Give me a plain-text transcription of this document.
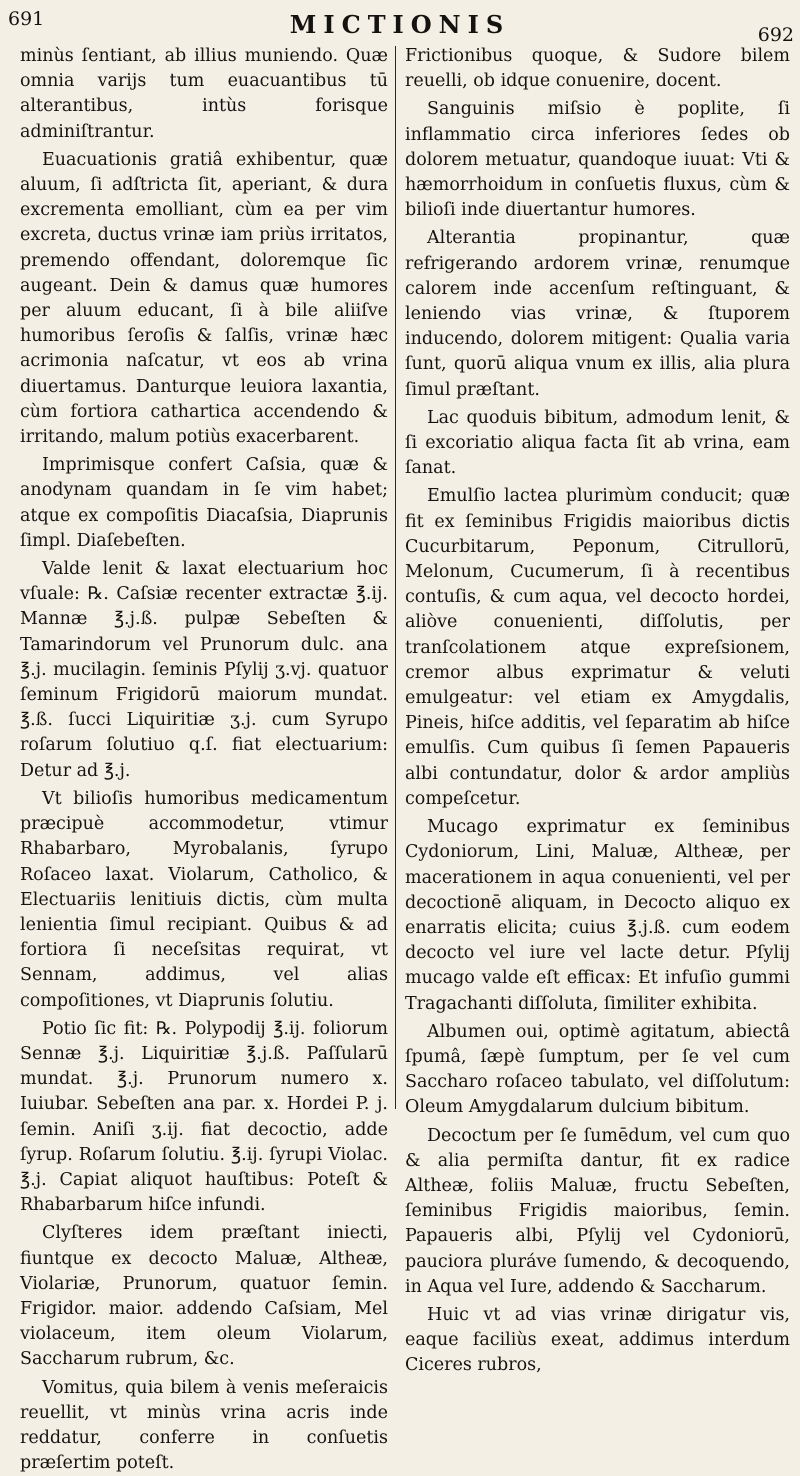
691	MICTIONIS	692

minùs ſentiant, ab illius muniendo. Quæ omnia varijs tum euacuantibus tū alterantibus, intùs forisque adminiſtrantur.

Euacuationis gratiâ exhibentur, quæ aluum, ſi adſtricta ſit, aperiant, & dura excrementa emolliant, cùm ea per vim excreta, ductus vrinæ iam priùs irritatos, premendo offendant, doloremque ſic augeant. Dein & damus quæ humores per aluum educant, ſi à bile aliiſve humoribus ſeroſis & ſalſis, vrinæ hæc acrimonia naſcatur, vt eos ab vrina diuertamus. Danturque leuiora laxantia, cùm fortiora cathartica accendendo & irritando, malum potiùs exacerbarent.

Imprimisque confert Caſsia, quæ & anodynam quandam in ſe vim habet; atque ex compoſitis Diacaſsia, Diaprunis ſimpl. Diaſebeſten.

Valde lenit & laxat electuarium hoc vſuale: ℞. Caſsiæ recenter extractæ ℥.ij. Mannæ ℥.j.ß. pulpæ Sebeſten & Tamarindorum vel Prunorum dulc. ana ℥.j. mucilagin. ſeminis Pſylij ʒ.vj. quatuor ſeminum Frigidorū maiorum mundat. ℥.ß. ſucci Liquiritiæ ʒ.j. cum Syrupo roſarum ſolutiuo q.ſ. fiat electuarium: Detur ad ℥.j.

Vt bilioſis humoribus medicamentum præcipuè accommodetur, vtimur Rhabarbaro, Myrobalanis, ſyrupo Roſaceo laxat. Violarum, Catholico, & Electuariis lenitiuis dictis, cùm multa lenientia ſimul recipiant. Quibus & ad fortiora ſi neceſsitas requirat, vt Sennam, addimus, vel alias compoſitiones, vt Diaprunis ſolutiu.

Potio ſic fit: ℞. Polypodij ℥.ij. foliorum Sennæ ℥.j. Liquiritiæ ℥.j.ß. Paſſularū mundat. ℥.j. Prunorum numero x. Iuiubar. Sebeſten ana par. x. Hordei P. j. ſemin. Aniſi ʒ.ij. fiat decoctio, adde ſyrup. Roſarum ſolutiu. ℥.ij. ſyrupi Violac. ℥.j. Capiat aliquot hauſtibus: Poteſt & Rhabarbarum hiſce infundi.

Clyſteres idem præſtant iniecti, fiuntque ex decocto Maluæ, Altheæ, Violariæ, Prunorum, quatuor ſemin. Frigidor. maior. addendo Caſsiam, Mel violaceum, item oleum Violarum, Saccharum rubrum, &c.

Vomitus, quia bilem à venis meſeraicis reuellit, vt minùs vrina acris inde reddatur, conferre in conſuetis præſertim poteſt.

Frictionibus quoque, & Sudore bilem reuelli, ob idque conuenire, docent.

Sanguinis miſsio è poplite, ſi inflammatio circa inferiores ſedes ob dolorem metuatur, quandoque iuuat: Vti & hæmorrhoidum in conſuetis fluxus, cùm & bilioſi inde diuertantur humores.

Alterantia propinantur, quæ refrigerando ardorem vrinæ, renumque calorem inde accenſum reſtinguant, & leniendo vias vrinæ, & ſtuporem inducendo, dolorem mitigent: Qualia varia ſunt, quorū aliqua vnum ex illis, alia plura ſimul præſtant.

Lac quoduis bibitum, admodum lenit, & ſi excoriatio aliqua facta ſit ab vrina, eam ſanat.

Emulſio lactea plurimùm conducit; quæ fit ex ſeminibus Frigidis maioribus dictis Cucurbitarum, Peponum, Citrullorū, Melonum, Cucumerum, ſi à recentibus contuſis, & cum aqua, vel decocto hordei, aliòve conuenienti, diſſolutis, per tranſcolationem atque expreſsionem, cremor albus exprimatur & veluti emulgeatur: vel etiam ex Amygdalis, Pineis, hiſce additis, vel ſeparatim ab hiſce emulſis. Cum quibus ſi ſemen Papaueris albi contundatur, dolor & ardor ampliùs compeſcetur.

Mucago exprimatur ex ſeminibus Cydoniorum, Lini, Maluæ, Altheæ, per macerationem in aqua conuenienti, vel per decoctionē aliquam, in Decocto aliquo ex enarratis elicita; cuius ℥.j.ß. cum eodem decocto vel iure vel lacte detur. Pſylij mucago valde eſt efficax: Et infuſio gummi Tragachanti diſſoluta, ſimiliter exhibita.

Albumen oui, optimè agitatum, abiectâ ſpumâ, ſæpè ſumptum, per ſe vel cum Saccharo roſaceo tabulato, vel diſſolutum: Oleum Amygdalarum dulcium bibitum.

Decoctum per ſe ſumēdum, vel cum quo & alia permiſta dantur, fit ex radice Altheæ, foliis Maluæ, fructu Sebeſten, ſeminibus Frigidis maioribus, ſemin. Papaueris albi, Pſylij vel Cydoniorū, pauciora pluráve ſumendo, & decoquendo, in Aqua vel Iure, addendo & Saccharum.

Huic vt ad vias vrinæ dirigatur vis, eaque faciliùs exeat, addimus interdum Ciceres rubros,
